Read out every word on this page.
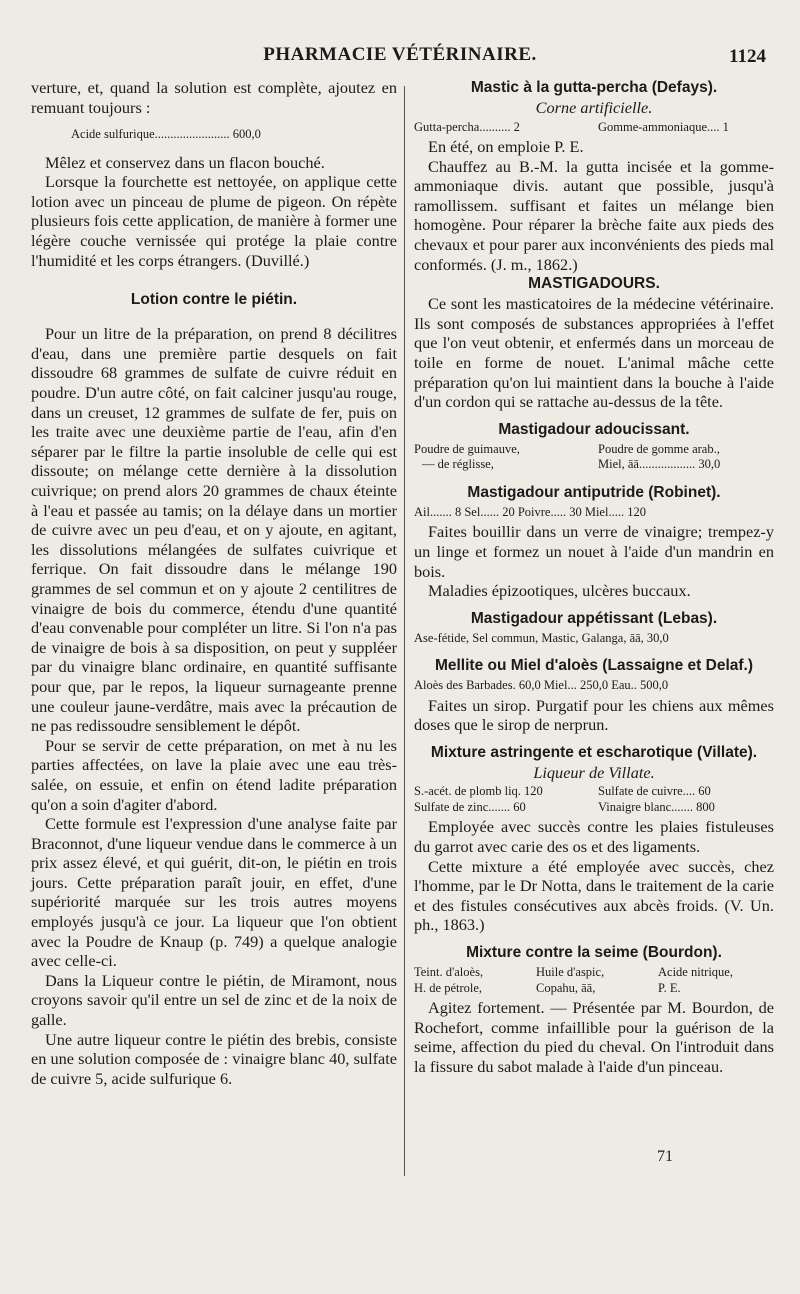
PHARMACIE VÉTÉRINAIRE.	1124

verture, et, quand la solution est complète, ajoutez en remuant toujours :

Acide sulfurique........................ 600,0

Mêlez et conservez dans un flacon bouché.

Lorsque la fourchette est nettoyée, on applique cette lotion avec un pinceau de plume de pigeon. On répète plusieurs fois cette application, de manière à former une légère couche vernissée qui protége la plaie contre l'humidité et les corps étrangers. (Duvillé.)

Lotion contre le piétin.

Pour un litre de la préparation, on prend 8 décilitres d'eau, dans une première partie desquels on fait dissoudre 68 grammes de sulfate de cuivre réduit en poudre. D'un autre côté, on fait calciner jusqu'au rouge, dans un creuset, 12 grammes de sulfate de fer, puis on les traite avec une deuxième partie de l'eau, afin d'en séparer par le filtre la partie insoluble de celle qui est dissoute; on mélange cette dernière à la dissolution cuivrique; on prend alors 20 grammes de chaux éteinte à l'eau et passée au tamis; on la délaye dans un mortier de cuivre avec un peu d'eau, et on y ajoute, en agitant, les dissolutions mélangées de sulfates cuivrique et ferrique. On fait dissoudre dans le mélange 190 grammes de sel commun et on y ajoute 2 centilitres de vinaigre de bois du commerce, étendu d'une quantité d'eau convenable pour compléter un litre. Si l'on n'a pas de vinaigre de bois à sa disposition, on peut y suppléer par du vinaigre blanc ordinaire, en quantité suffisante pour que, par le repos, la liqueur surnageante prenne une couleur jaune-verdâtre, mais avec la précaution de ne pas redissoudre sensiblement le dépôt.

Pour se servir de cette préparation, on met à nu les parties affectées, on lave la plaie avec une eau très-salée, on essuie, et enfin on étend ladite préparation qu'on a soin d'agiter d'abord.

Cette formule est l'expression d'une analyse faite par Braconnot, d'une liqueur vendue dans le commerce à un prix assez élevé, et qui guérit, dit-on, le piétin en trois jours. Cette préparation paraît jouir, en effet, d'une supériorité marquée sur les trois autres moyens employés jusqu'à ce jour. La liqueur que l'on obtient avec la Poudre de Knaup (p. 749) a quelque analogie avec celle-ci.

Dans la Liqueur contre le piétin, de Miramont, nous croyons savoir qu'il entre un sel de zinc et de la noix de galle.

Une autre liqueur contre le piétin des brebis, consiste en une solution composée de : vinaigre blanc 40, sulfate de cuivre 5, acide sulfurique 6.

Mastic à la gutta-percha (Defays).
Corne artificielle.
Gutta-percha.......... 2	Gomme-ammoniaque.... 1

En été, on emploie P. E.

Chauffez au B.-M. la gutta incisée et la gomme-ammoniaque divis. autant que possible, jusqu'à ramollissem. suffisant et faites un mélange bien homogène. Pour réparer la brèche faite aux pieds des chevaux et pour parer aux inconvénients des pieds mal conformés. (J. m., 1862.)

MASTIGADOURS.

Ce sont les masticatoires de la médecine vétérinaire. Ils sont composés de substances appropriées à l'effet que l'on veut obtenir, et enfermés dans un morceau de toile en forme de nouet. L'animal mâche cette préparation qu'on lui maintient dans la bouche à l'aide d'un cordon qui se rattache au-dessus de la tête.

Mastigadour adoucissant.
Poudre de guimauve,	Poudre de gomme arab.,
— de réglisse,	Miel, āā.................. 30,0
Mastigadour antiputride (Robinet).
Ail....... 8 Sel...... 20 Poivre..... 30 Miel..... 120

Faites bouillir dans un verre de vinaigre; trempez-y un linge et formez un nouet à l'aide d'un mandrin en bois.

Maladies épizootiques, ulcères buccaux.

Mastigadour appétissant (Lebas).
Ase-fétide, Sel commun, Mastic, Galanga, āā, 30,0
Mellite ou Miel d'aloès (Lassaigne et Delaf.)
Aloès des Barbades. 60,0 Miel... 250,0 Eau.. 500,0

Faites un sirop. Purgatif pour les chiens aux mêmes doses que le sirop de nerprun.

Mixture astringente et escharotique (Villate).
Liqueur de Villate.
S.-acét. de plomb liq. 120	Sulfate de cuivre.... 60
Sulfate de zinc....... 60	Vinaigre blanc....... 800

Employée avec succès contre les plaies fistuleuses du garrot avec carie des os et des ligaments.

Cette mixture a été employée avec succès, chez l'homme, par le Dr Notta, dans le traitement de la carie et des fistules consécutives aux abcès froids. (V. Un. ph., 1863.)

Mixture contre la seime (Bourdon).
Teint. d'aloès,	Huile d'aspic,	Acide nitrique,
H. de pétrole,	Copahu, āā,	P. E.

Agitez fortement. — Présentée par M. Bourdon, de Rochefort, comme infaillible pour la guérison de la seime, affection du pied du cheval. On l'introduit dans la fissure du sabot malade à l'aide d'un pinceau.

71
